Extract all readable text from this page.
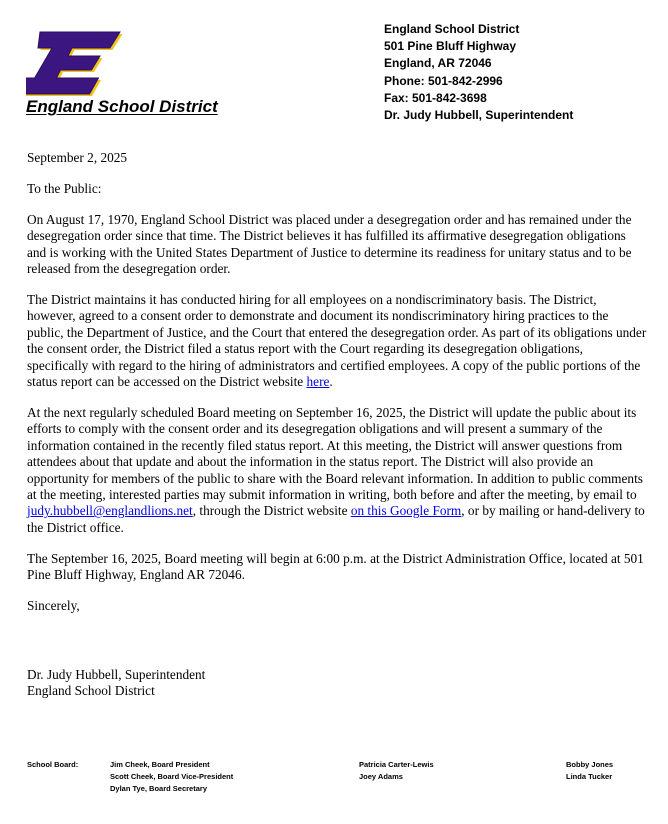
England School District
England School District
501 Pine Bluff Highway
England, AR 72046
Phone: 501-842-2996
Fax: 501-842-3698
Dr. Judy Hubbell, Superintendent

September 2, 2025

To the Public:

On August 17, 1970, England School District was placed under a desegregation order and has remained under the desegregation order since that time. The District believes it has fulfilled its affirmative desegregation obligations and is working with the United States Department of Justice to determine its readiness for unitary status and to be released from the desegregation order.

The District maintains it has conducted hiring for all employees on a nondiscriminatory basis. The District, however, agreed to a consent order to demonstrate and document its nondiscriminatory hiring practices to the public, the Department of Justice, and the Court that entered the desegregation order. As part of its obligations under the consent order, the District filed a status report with the Court regarding its desegregation obligations, specifically with regard to the hiring of administrators and certified employees. A copy of the public portions of the status report can be accessed on the District website here.

At the next regularly scheduled Board meeting on September 16, 2025, the District will update the public about its efforts to comply with the consent order and its desegregation obligations and will present a summary of the information contained in the recently filed status report. At this meeting, the District will answer questions from attendees about that update and about the information in the status report. The District will also provide an opportunity for members of the public to share with the Board relevant information. In addition to public comments at the meeting, interested parties may submit information in writing, both before and after the meeting, by email to judy.hubbell@englandlions.net, through the District website on this Google Form, or by mailing or hand-delivery to the District office.

The September 16, 2025, Board meeting will begin at 6:00 p.m. at the District Administration Office, located at 501 Pine Bluff Highway, England AR 72046.

Sincerely,

Dr. Judy Hubbell, Superintendent
England School District
School Board:	Jim Cheek, Board President
Scott Cheek, Board Vice-President
Dylan Tye, Board Secretary
Patricia Carter-Lewis
Joey Adams
Bobby Jones
Linda Tucker
